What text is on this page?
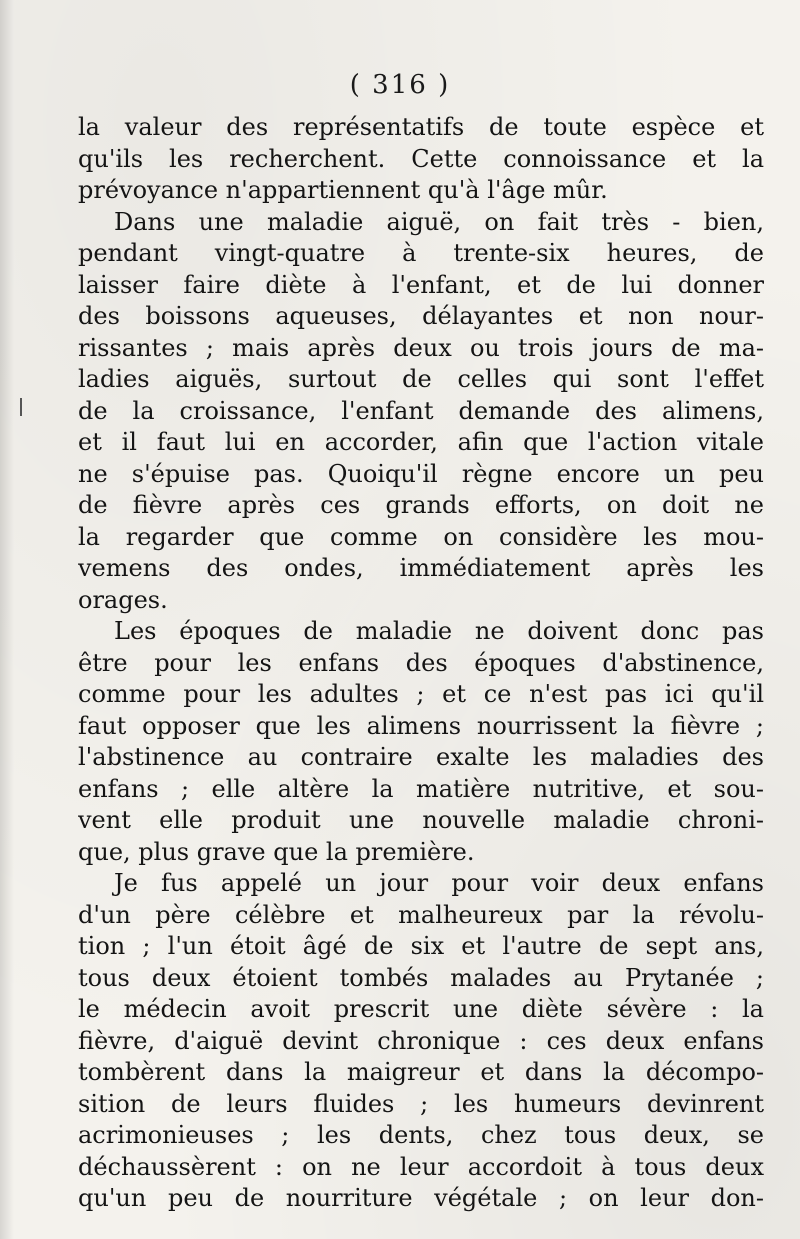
( 316 )
la valeur des représentatifs de toute espèce et
qu'ils les recherchent. Cette connoissance et la
prévoyance n'appartiennent qu'à l'âge mûr.
Dans une maladie aiguë, on fait très - bien,
pendant vingt-quatre à trente-six heures, de
laisser faire diète à l'enfant, et de lui donner
des boissons aqueuses, délayantes et non nour-
rissantes ; mais après deux ou trois jours de ma-
ladies aiguës, surtout de celles qui sont l'effet
de la croissance, l'enfant demande des alimens,
et il faut lui en accorder, afin que l'action vitale
ne s'épuise pas. Quoiqu'il règne encore un peu
de fièvre après ces grands efforts, on doit ne
la regarder que comme on considère les mou-
vemens des ondes, immédiatement après les
orages.
Les époques de maladie ne doivent donc pas
être pour les enfans des époques d'abstinence,
comme pour les adultes ; et ce n'est pas ici qu'il
faut opposer que les alimens nourrissent la fièvre ;
l'abstinence au contraire exalte les maladies des
enfans ; elle altère la matière nutritive, et sou-
vent elle produit une nouvelle maladie chroni-
que, plus grave que la première.
Je fus appelé un jour pour voir deux enfans
d'un père célèbre et malheureux par la révolu-
tion ; l'un étoit âgé de six et l'autre de sept ans,
tous deux étoient tombés malades au Prytanée ;
le médecin avoit prescrit une diète sévère : la
fièvre, d'aiguë devint chronique : ces deux enfans
tombèrent dans la maigreur et dans la décompo-
sition de leurs fluides ; les humeurs devinrent
acrimonieuses ; les dents, chez tous deux, se
déchaussèrent : on ne leur accordoit à tous deux
qu'un peu de nourriture végétale ; on leur don-
